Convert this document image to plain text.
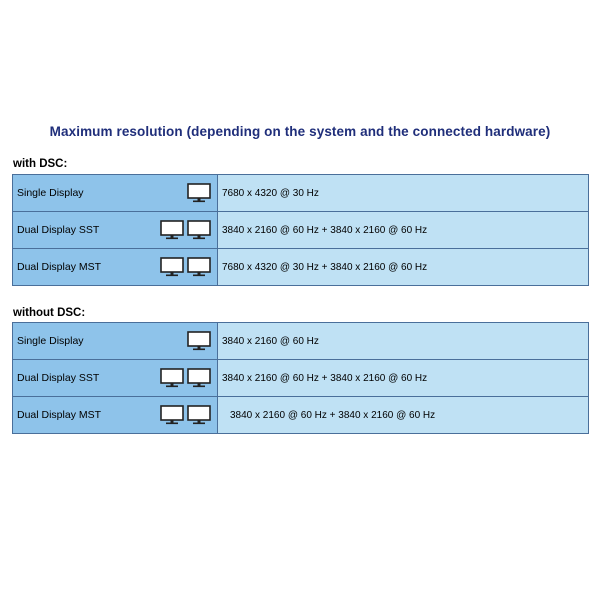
Maximum resolution (depending on the system and the connected hardware)
with DSC:
Single Display	7680 x 4320 @ 30 Hz
Dual Display SST	3840 x 2160 @ 60 Hz + 3840 x 2160 @ 60 Hz
Dual Display MST	7680 x 4320 @ 30 Hz + 3840 x 2160 @ 60 Hz
without DSC:
Single Display	3840 x 2160 @ 60 Hz
Dual Display SST	3840 x 2160 @ 60 Hz + 3840 x 2160 @ 60 Hz
Dual Display MST	3840 x 2160 @ 60 Hz + 3840 x 2160 @ 60 Hz
